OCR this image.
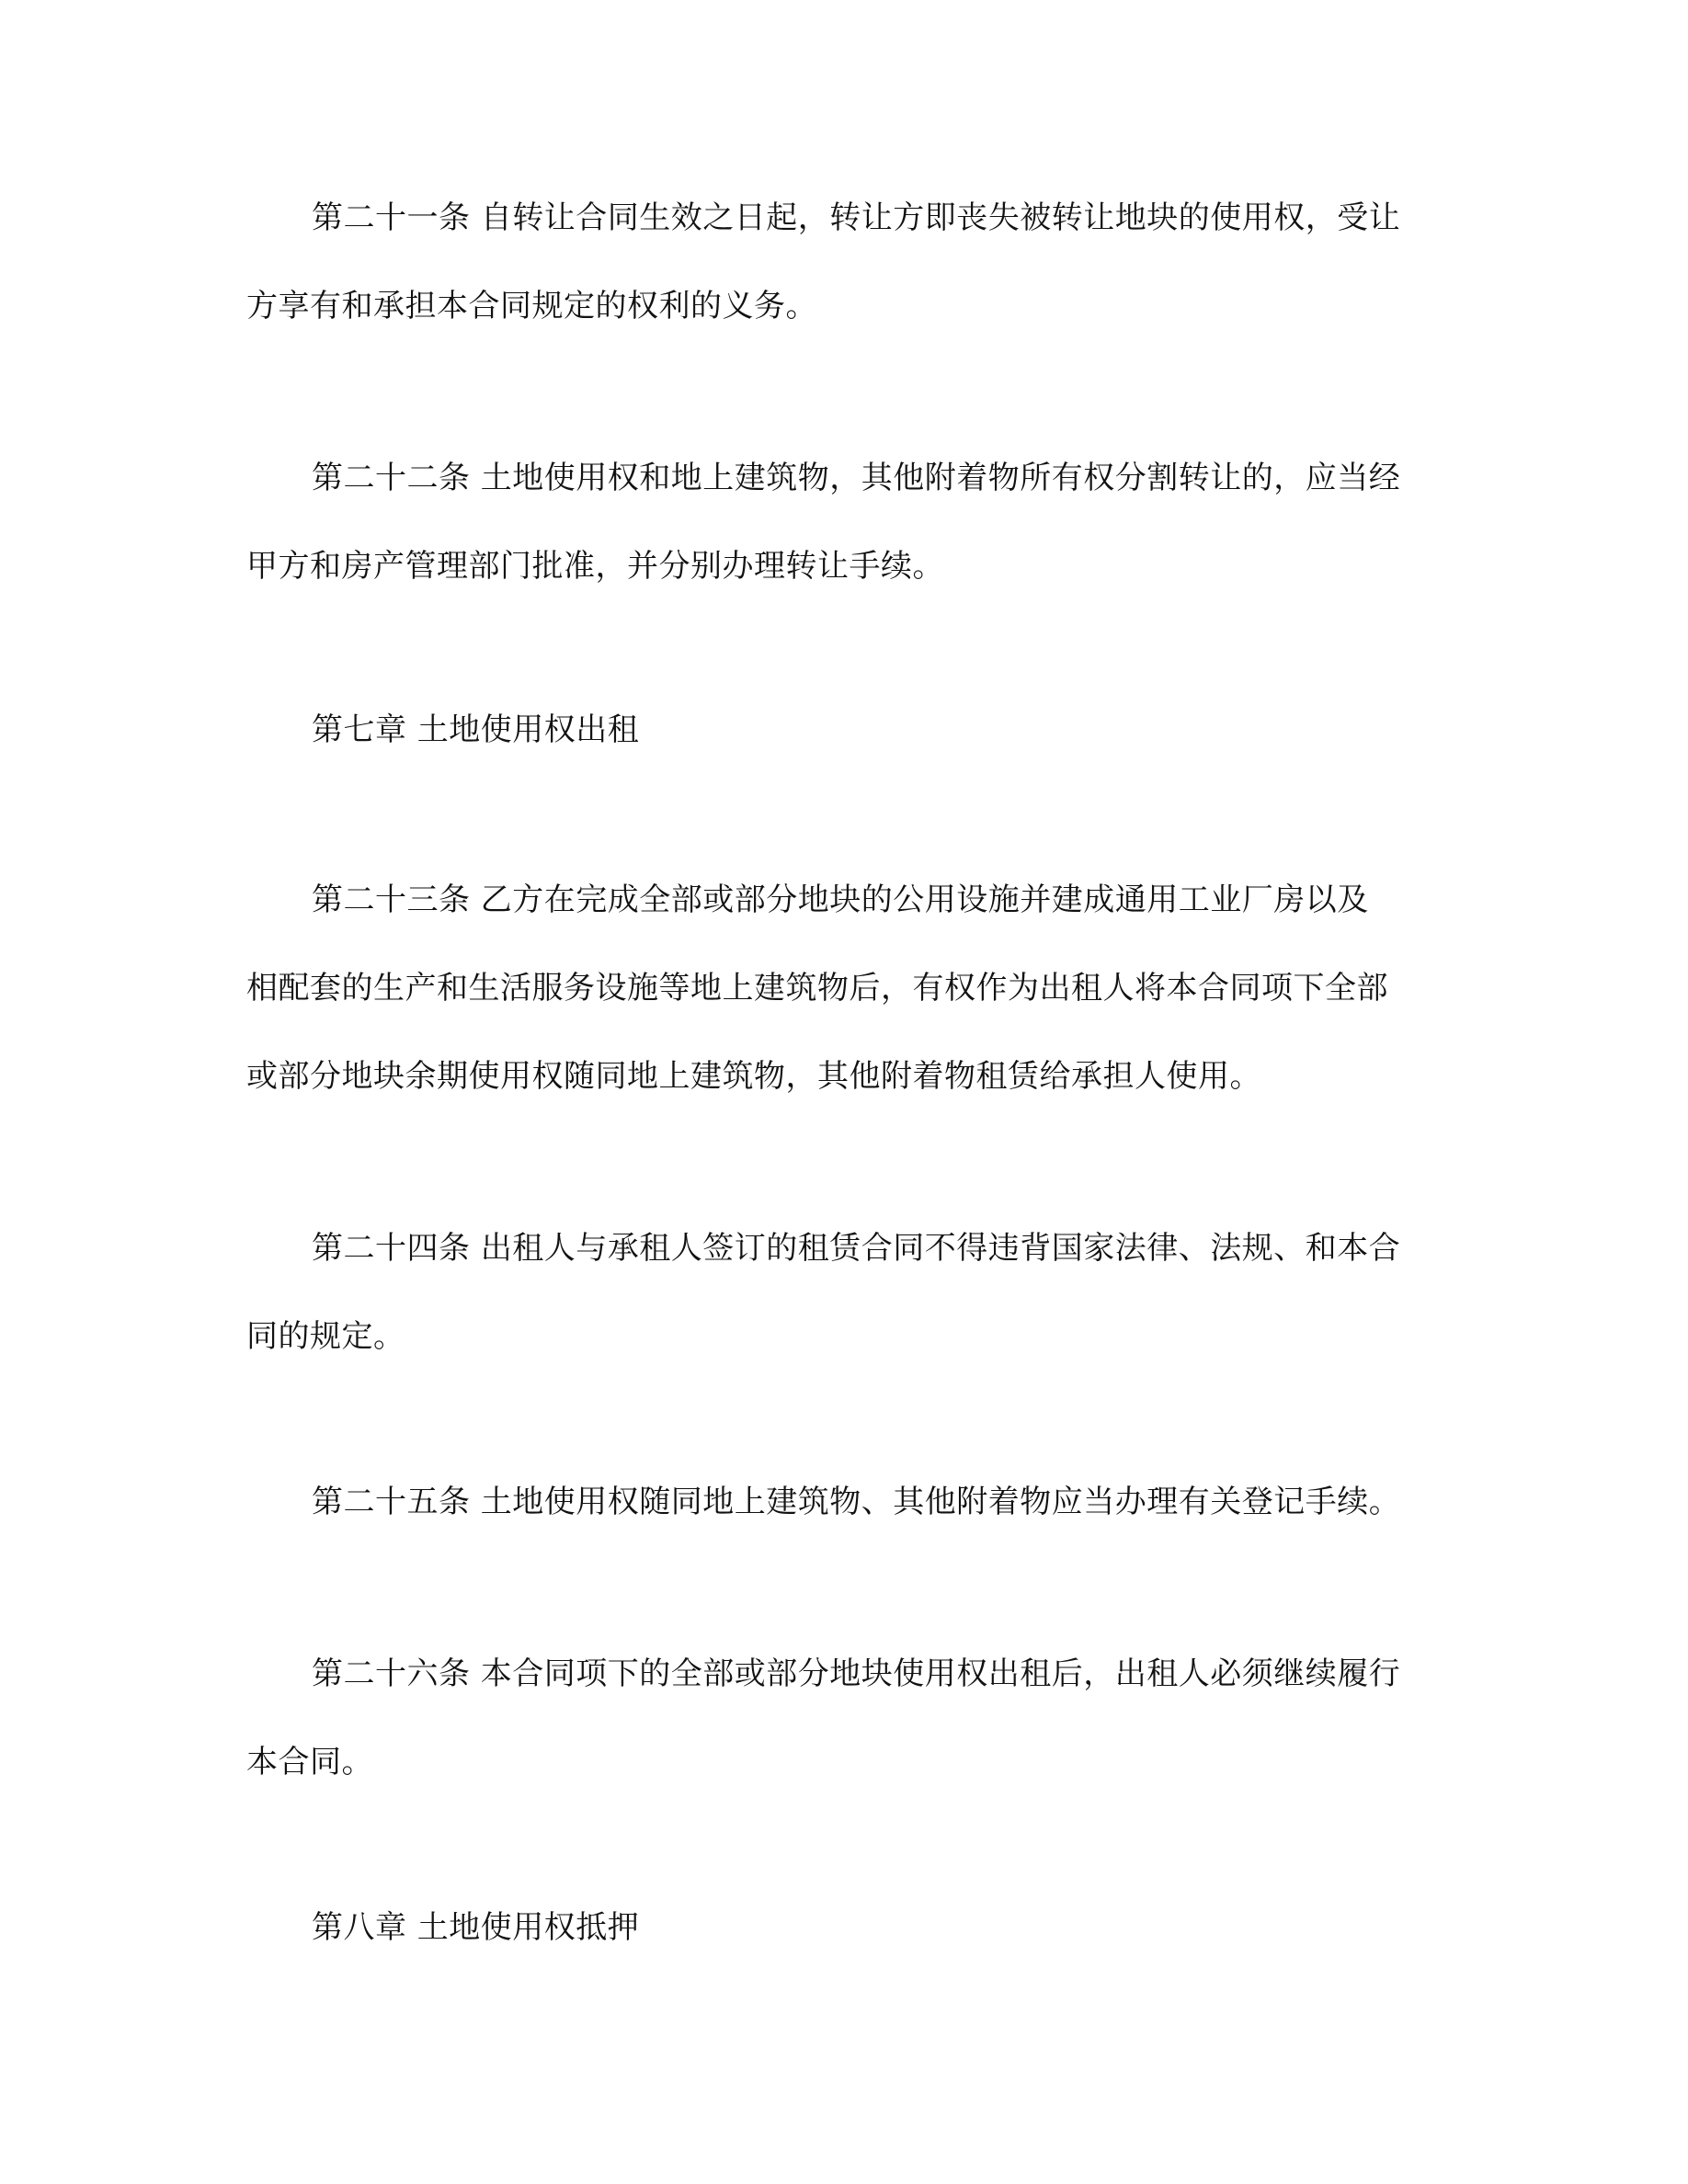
第二十一条 自转让合同生效之日起，转让方即丧失被转让地块的使用权，受让

方享有和承担本合同规定的权利的义务。

第二十二条 土地使用权和地上建筑物，其他附着物所有权分割转让的，应当经

甲方和房产管理部门批准，并分别办理转让手续。

第七章 土地使用权出租

第二十三条 乙方在完成全部或部分地块的公用设施并建成通用工业厂房以及

相配套的生产和生活服务设施等地上建筑物后，有权作为出租人将本合同项下全部

或部分地块余期使用权随同地上建筑物，其他附着物租赁给承担人使用。

第二十四条 出租人与承租人签订的租赁合同不得违背国家法律、法规、和本合

同的规定。

第二十五条 土地使用权随同地上建筑物、其他附着物应当办理有关登记手续。

第二十六条 本合同项下的全部或部分地块使用权出租后，出租人必须继续履行

本合同。

第八章 土地使用权抵押
